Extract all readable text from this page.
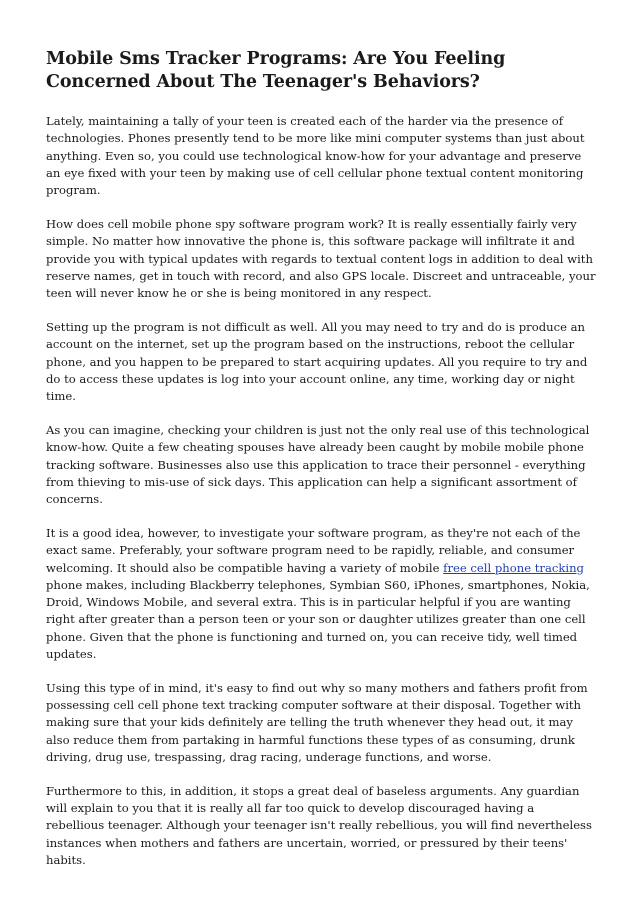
Mobile Sms Tracker Programs: Are You Feeling Concerned About The Teenager's Behaviors?

Lately, maintaining a tally of your teen is created each of the harder via the presence of technologies. Phones presently tend to be more like mini computer systems than just about anything. Even so, you could use technological know-how for your advantage and preserve an eye fixed with your teen by making use of cell cellular phone textual content monitoring program.

How does cell mobile phone spy software program work? It is really essentially fairly very simple. No matter how innovative the phone is, this software package will infiltrate it and provide you with typical updates with regards to textual content logs in addition to deal with reserve names, get in touch with record, and also GPS locale. Discreet and untraceable, your teen will never know he or she is being monitored in any respect.

Setting up the program is not difficult as well. All you may need to try and do is produce an account on the internet, set up the program based on the instructions, reboot the cellular phone, and you happen to be prepared to start acquiring updates. All you require to try and do to access these updates is log into your account online, any time, working day or night time.

As you can imagine, checking your children is just not the only real use of this technological know-how. Quite a few cheating spouses have already been caught by mobile mobile phone tracking software. Businesses also use this application to trace their personnel - everything from thieving to mis-use of sick days. This application can help a significant assortment of concerns.

It is a good idea, however, to investigate your software program, as they're not each of the exact same. Preferably, your software program need to be rapidly, reliable, and consumer welcoming. It should also be compatible having a variety of mobile free cell phone tracking phone makes, including Blackberry telephones, Symbian S60, iPhones, smartphones, Nokia, Droid, Windows Mobile, and several extra. This is in particular helpful if you are wanting right after greater than a person teen or your son or daughter utilizes greater than one cell phone. Given that the phone is functioning and turned on, you can receive tidy, well timed updates.

Using this type of in mind, it's easy to find out why so many mothers and fathers profit from possessing cell cell phone text tracking computer software at their disposal. Together with making sure that your kids definitely are telling the truth whenever they head out, it may also reduce them from partaking in harmful functions these types of as consuming, drunk driving, drug use, trespassing, drag racing, underage functions, and worse.

Furthermore to this, in addition, it stops a great deal of baseless arguments. Any guardian will explain to you that it is really all far too quick to develop discouraged having a rebellious teenager. Although your teenager isn't really rebellious, you will find nevertheless instances when mothers and fathers are uncertain, worried, or pressured by their teens' habits.
